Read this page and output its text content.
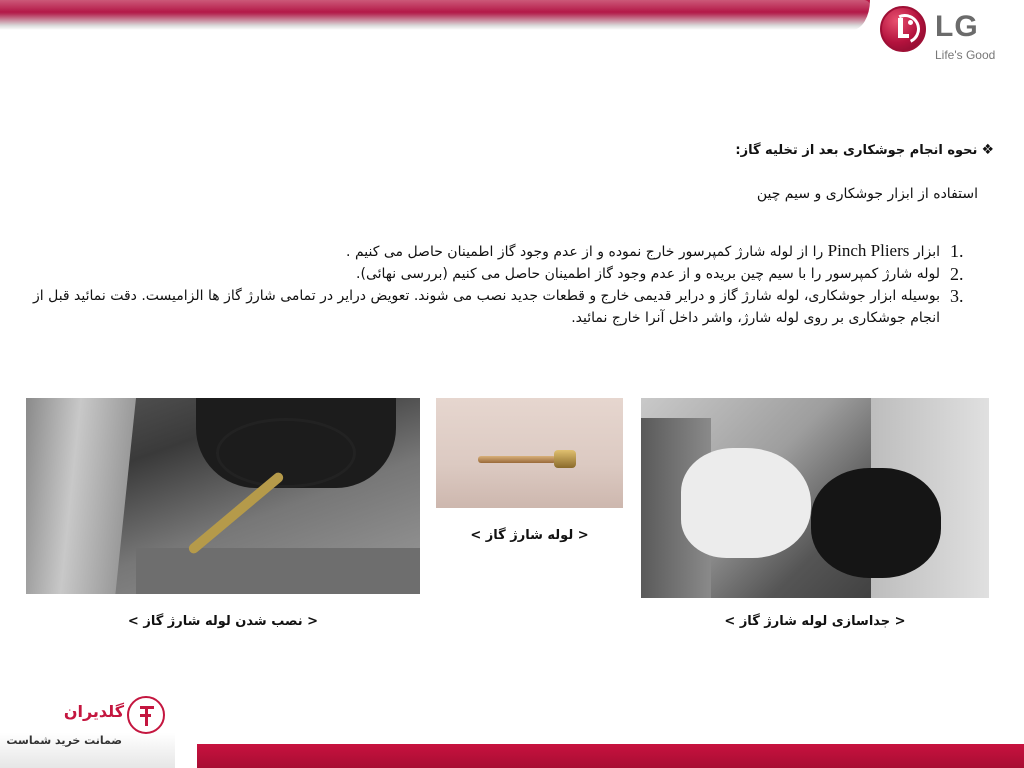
LG
Life's Good
❖نحوه انجام جوشکاری بعد از تخلیه گاز:
استفاده از ابزار جوشکاری و سیم چین
1.
ابزار Pinch Pliers را از لوله شارژ کمپرسور خارج نموده و از عدم وجود گاز اطمینان حاصل می کنیم .
2.
لوله شارژ کمپرسور را با سیم چین بریده و از عدم وجود گاز اطمینان حاصل می کنیم (بررسی نهائی).
3.
بوسیله ابزار جوشکاری، لوله شارژ گاز و درایر قدیمی خارج و قطعات جدید نصب می شوند. تعویض درایر در تمامی شارژ گاز ها الزامیست. دقت نمائید قبل از انجام جوشکاری بر روی لوله شارژ، واشر داخل آنرا خارج نمائید.
< لوله شارژ گاز >
< نصب شدن لوله شارژ گاز >	< جداسازی لوله شارژ گاز >
گلدیران
ضمانت خرید شماست
